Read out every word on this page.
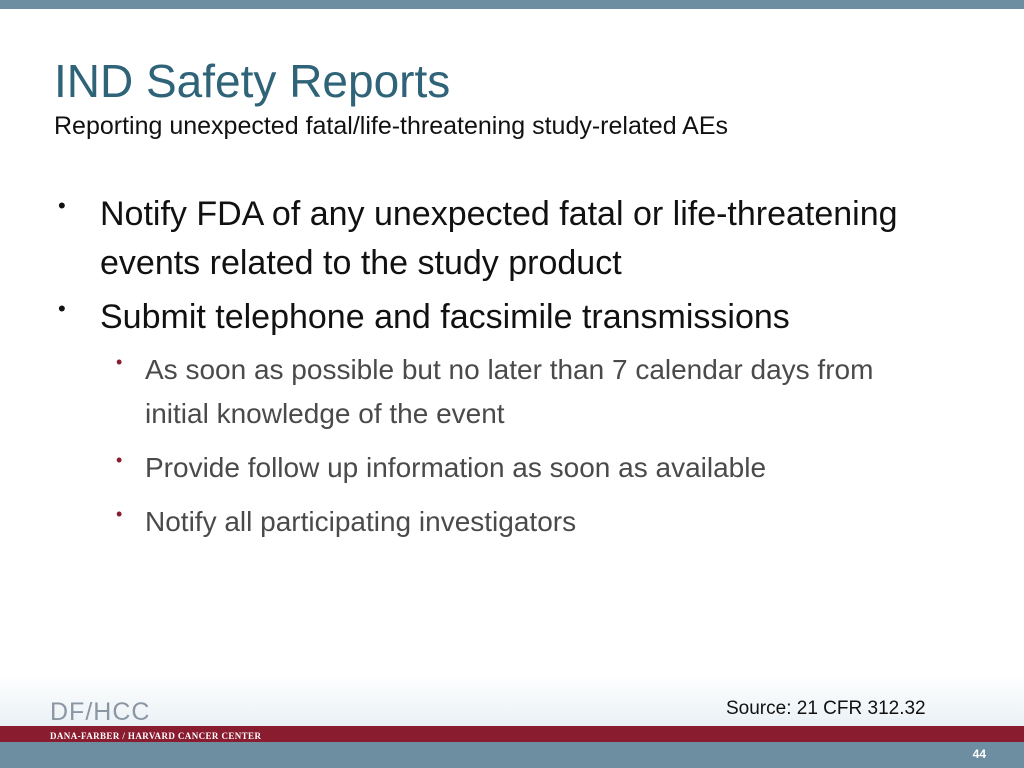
IND Safety Reports
Reporting unexpected fatal/life-threatening study-related AEs
• Notify FDA of any unexpected fatal or life-threatening events related to the study product
• Submit telephone and facsimile transmissions
• As soon as possible but no later than 7 calendar days from initial knowledge of the event
• Provide follow up information as soon as available
• Notify all participating investigators
DF/HCC	Source: 21 CFR 312.32
DANA-FARBER / HARVARD CANCER CENTER
44
